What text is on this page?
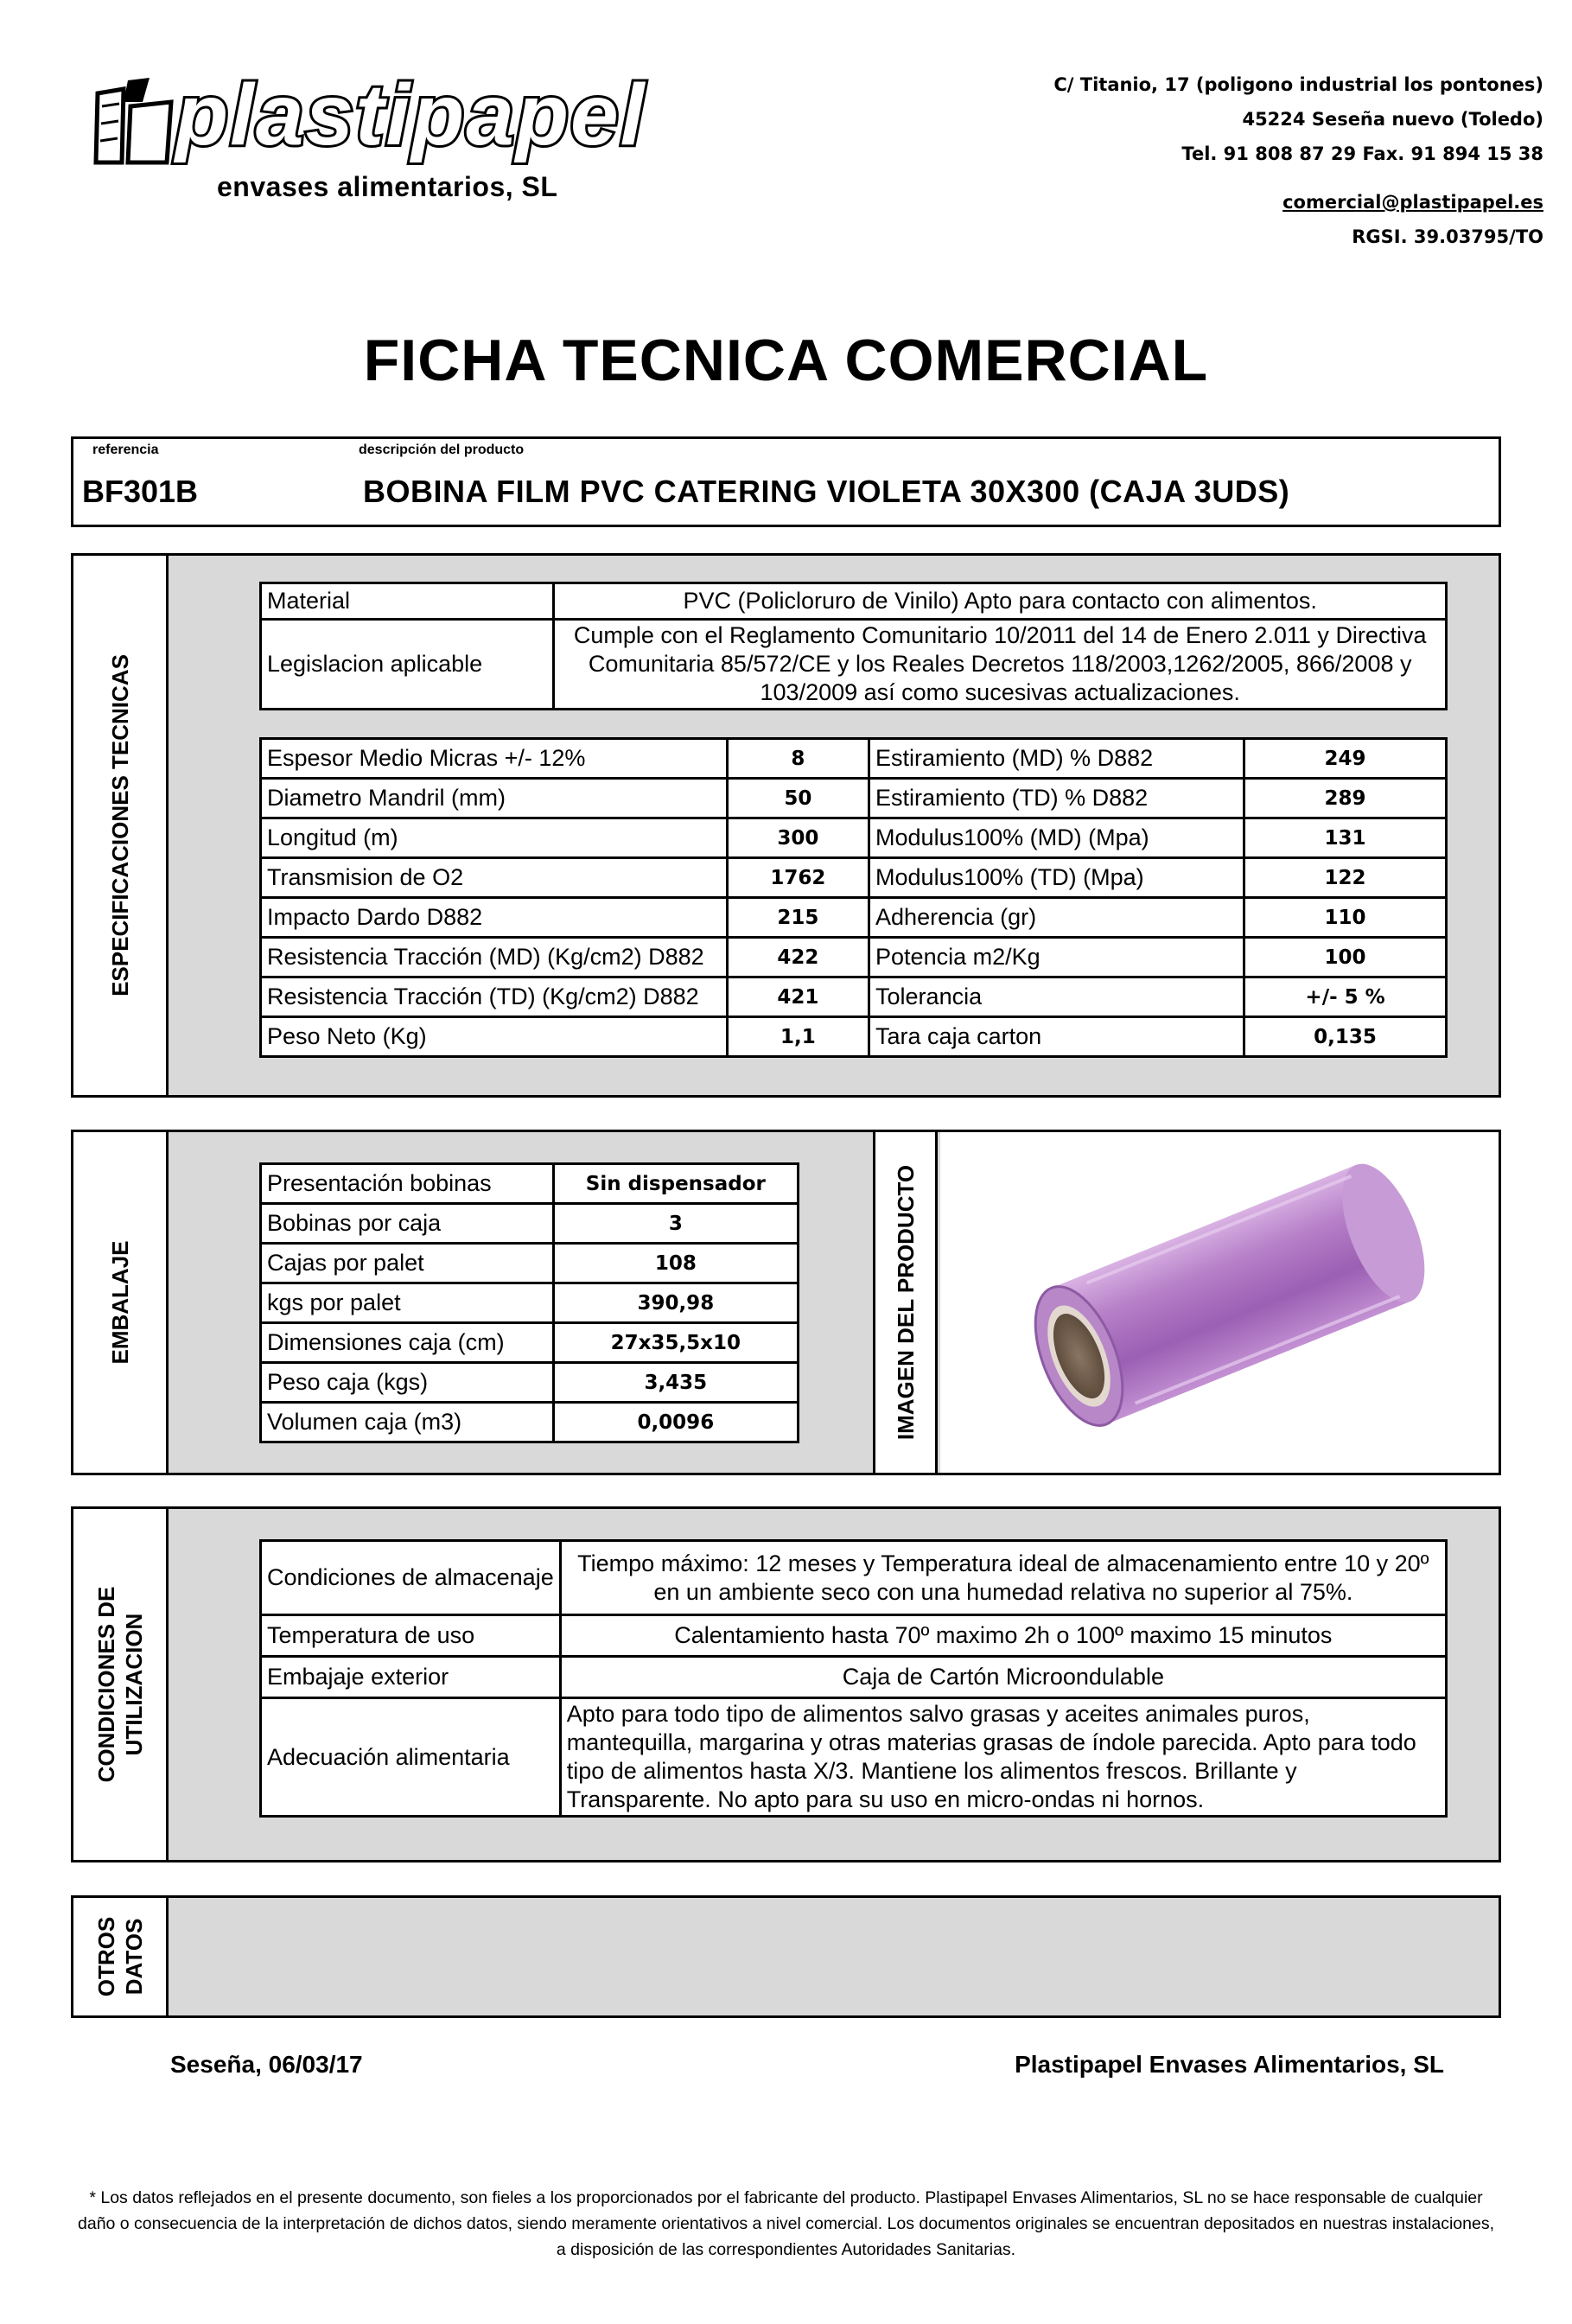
plastipapel
envases alimentarios, SL
C/ Titanio, 17 (poligono industrial los pontones)
45224 Seseña nuevo (Toledo)
Tel. 91 808 87 29 Fax. 91 894 15 38
comercial@plastipapel.es
RGSI. 39.03795/TO
FICHA TECNICA COMERCIAL
referencia	descripción del producto
BF301B	BOBINA FILM PVC CATERING VIOLETA 30X300 (CAJA 3UDS)
ESPECIFICACIONES TECNICAS
Material	PVC (Policloruro de Vinilo) Apto para contacto con alimentos.
Legislacion aplicable	Cumple con el Reglamento Comunitario 10/2011 del 14 de Enero 2.011 y Directiva Comunitaria 85/572/CE y los Reales Decretos 118/2003,1262/2005, 866/2008 y 103/2009 así como sucesivas actualizaciones.
Espesor Medio Micras +/- 12%	8	Estiramiento (MD) % D882	249
Diametro Mandril (mm)	50	Estiramiento (TD) % D882	289
Longitud (m)	300	Modulus100% (MD) (Mpa)	131
Transmision de O2	1762	Modulus100% (TD) (Mpa)	122
Impacto Dardo D882	215	Adherencia (gr)	110
Resistencia Tracción (MD) (Kg/cm2) D882	422	Potencia m2/Kg	100
Resistencia Tracción (TD) (Kg/cm2) D882	421	Tolerancia	+/- 5 %
Peso Neto (Kg)	1,1	Tara caja carton	0,135
EMBALAJE
Presentación bobinas	Sin dispensador
Bobinas por caja	3
Cajas por palet	108
kgs por palet	390,98
Dimensiones caja (cm)	27x35,5x10
Peso caja (kgs)	3,435
Volumen caja (m3)	0,0096	IMAGEN DEL PRODUCTO
CONDICIONES DE UTILIZACION
Condiciones de almacenaje	Tiempo máximo: 12 meses y Temperatura ideal de almacenamiento entre 10 y 20º en un ambiente seco con una humedad relativa no superior al 75%.
Temperatura de uso	Calentamiento hasta 70º maximo 2h o 100º maximo 15 minutos
Embajaje exterior	Caja de Cartón Microondulable
Adecuación alimentaria	Apto para todo tipo de alimentos salvo grasas y aceites animales puros, mantequilla, margarina y otras materias grasas de índole parecida. Apto para todo tipo de alimentos hasta X/3. Mantiene los alimentos frescos. Brillante y Transparente. No apto para su uso en micro-ondas ni hornos.
OTROS DATOS
Seseña, 06/03/17	Plastipapel Envases Alimentarios, SL
* Los datos reflejados en el presente documento, son fieles a los proporcionados por el fabricante del producto. Plastipapel Envases Alimentarios, SL no se hace responsable de cualquier daño o consecuencia de la interpretación de dichos datos, siendo meramente orientativos a nivel comercial. Los documentos originales se encuentran depositados en nuestras instalaciones, a disposición de las correspondientes Autoridades Sanitarias.
